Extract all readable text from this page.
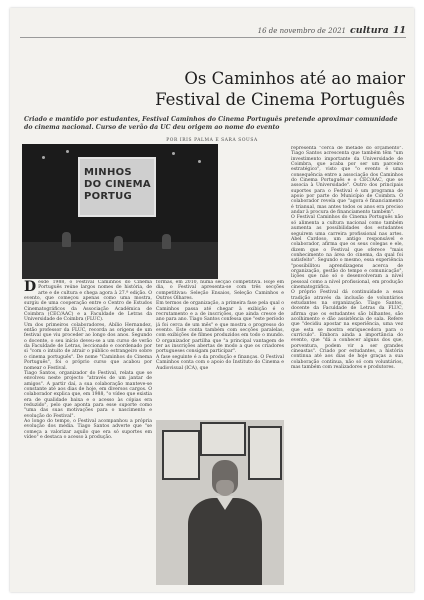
16 de novembro de 2021 cultura 11
Os Caminhos até ao maior
Festival de Cinema Português
Criado e mantido por estudantes, Festival Caminhos do Cinema Português pretende aproximar comunidade do cinema nacional. Curso de verão da UC deu origem ao nome do evento
POR IRIS PALMA E SARA SOUSA
MINHOS
DO CINEMA
PORTUG
D esde 1988, o Festival Caminhos do Cinema Português reúne largos nomes de história, de arte e de cultura e chega agora à 27.ª edição. O evento, que começou apenas como uma mostra, surgiu de uma cooperação entre o Centro de Estudos Cinematográficos da Associação Académica de Coimbra (CEC/AAC) e a Faculdade de Letras da Universidade de Coimbra (FLUC).
Um dos primeiros colaboradores, Abílio Hernandez, então professor da FLUC, recorda as origens de um festival que viu proceder ao longo dos anos. Segundo o docente, o seu início deveu-se a um curso de verão da Faculdade de Letras, leccionado e coordenado por si "com o intuito de atrair o público estrangeiro sobre o cinema português". De nome "Caminhos do Cinema Português", foi o próprio curso que acabou por nomear o Festival.
Tiago Santos, organizador do Festival, relata que se envolveu neste projecto "através de um jantar de amigos". A partir daí, a sua colaboração manteve-se constante até aos dias de hoje, em diversos cargos. O colaborador explica que, em 1988, "o vídeo que existia era de qualidade baixa e o acesso às cópias era reduzido", pelo que aponta para esse suporte como "uma das suas motivações para o nascimento e evolução do Festival".
Ao longo do tempo, o Festival acompanhou a própria evolução dos média. Tiago Santos adverte que "se começa a valorizar aquilo que era só suportes em vídeo" e destaca o acesso à produção.
formas, em 2010, numa secção competitiva. Hoje em dia, o Festival apresenta-se com três secções competitivas: Seleção Ensaios, Seleção Caminhos e Outros Olhares.
Em termos de organização, a primeira fase pela qual o Caminhos passa até chegar à exibição é o recrutamento e a de inscrições, que ainda cresce de ano para ano. Tiago Santos confessa que "este período já foi cerca de um mês" e que mostra o progresso do evento. Este conta também com secções paralelas, com exibições de filmes produzidos em todo o mundo. O organizador partilha que "a principal vantagem de ter as inscrições abertas de modo a que os criadores portugueses consigam participar".
A fase seguinte é a da produção e finanças. O Festival Caminhos conta com o apoio do Instituto do Cinema e Audiovisual (ICA), que
representa "cerca de metade do orçamento". Tiago Santos acrescenta que também têm "um investimento importante da Universidade de Coimbra, que acaba por ser um parceiro estratégico", visto que "o evento é uma consequência entre a associação dos Caminhos do Cinema Português e o CEC/AAC, que se associa à Universidade". Outro dos principais suportes para o Festival é um programa de apoio por parte do Município de Coimbra. O colaborador revela que "agora é financiamento é trianual, mas antes todos os anos era preciso andar à procura de financiamento também".
O Festival Caminhos do Cinema Português não só alimenta a cultura nacional como também aumenta as possibilidades dos estudantes seguirem uma carreira profissional nas artes. Abel Cardoso, um antigo responsável e colaborador, afirma que os seus colegas e ele, dizem que o Festival que oferece "mais conhecimento na área do cinema, da qual foi satisfeito". Segundo o mesmo, essa experiência "possibilitou aprendizagens acerca de organização, gestão do tempo e comunicação", lições que não só o desenvolveram a nível pessoal como a nível profissional, em produção cinematográfica.
O próprio Festival dá continuidade a essa tradição através da inclusão de voluntários estudantes na organização. Tiago Santos, docente da Faculdade de Letras da FLUC, afirma que os estudantes são bilhantes, são acolhimento e dão assistência de sala. Refere que "decidiu apostar na experiência, uma vez que esta se mostra enriquecedora para o currículo". Embora ainda a importância do evento, que "dá a conhecer alguns dos que, porventura, podem vir a ser grandes cineastas". Criado por estudantes, a história continua até aos dias de hoje graças a sua colaboração contínua, não só com voluntários, mas também com realizadores e produtores.
